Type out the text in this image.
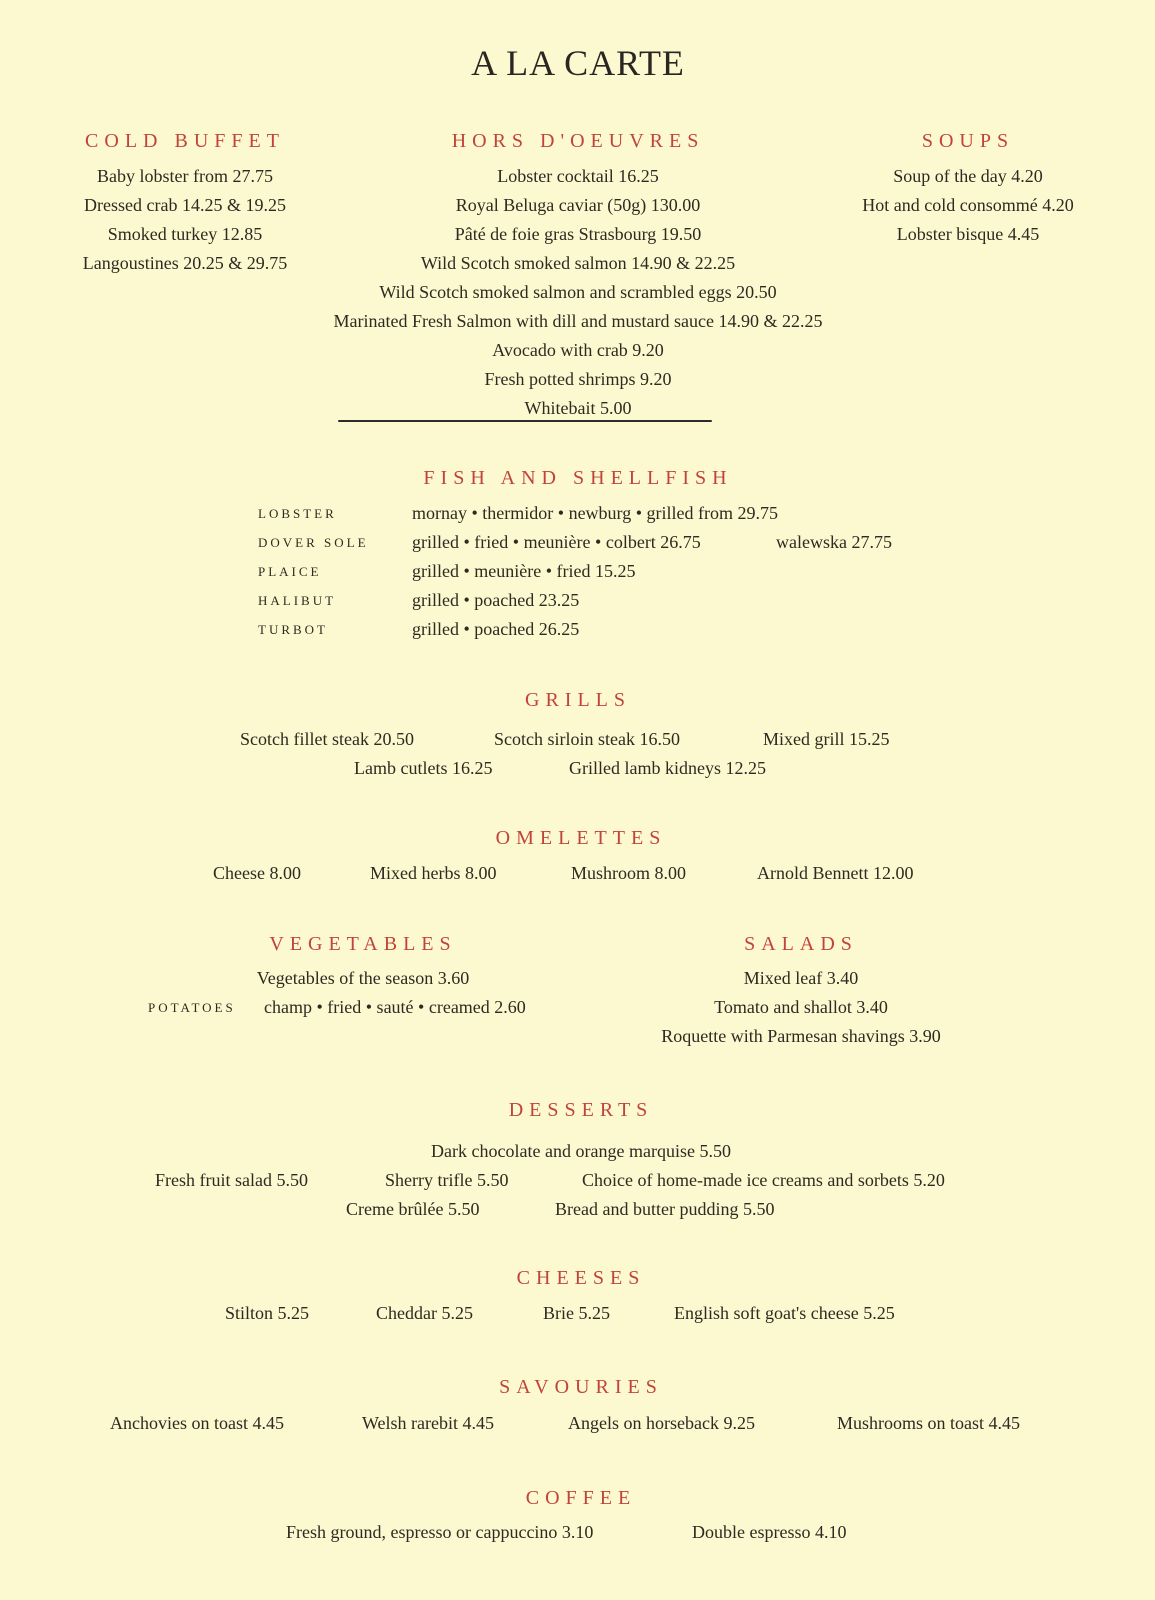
A LA CARTE
COLD BUFFET
Baby lobster from 27.75
Dressed crab 14.25 & 19.25
Smoked turkey 12.85
Langoustines 20.25 & 29.75
HORS D'OEUVRES
Lobster cocktail 16.25
Royal Beluga caviar (50g) 130.00
Pâté de foie gras Strasbourg 19.50
Wild Scotch smoked salmon 14.90 & 22.25
Wild Scotch smoked salmon and scrambled eggs 20.50
Marinated Fresh Salmon with dill and mustard sauce 14.90 & 22.25
Avocado with crab 9.20
Fresh potted shrimps 9.20
Whitebait 5.00
SOUPS
Soup of the day 4.20
Hot and cold consommé 4.20
Lobster bisque 4.45
FISH AND SHELLFISH
LOBSTER	mornay • thermidor • newburg • grilled from 29.75
DOVER SOLE grilled • fried • meunière • colbert 26.75	walewska 27.75
PLAICE	grilled • meunière • fried 15.25
HALIBUT	grilled • poached 23.25
TURBOT	grilled • poached 26.25
GRILLS
Scotch fillet steak 20.50	Scotch sirloin steak 16.50	Mixed grill 15.25
Lamb cutlets 16.25	Grilled lamb kidneys 12.25
OMELETTES
Cheese 8.00	Mixed herbs 8.00	Mushroom 8.00	Arnold Bennett 12.00
VEGETABLES
Vegetables of the season 3.60
POTATOES champ • fried • sauté • creamed 2.60
SALADS
Mixed leaf 3.40
Tomato and shallot 3.40
Roquette with Parmesan shavings 3.90
DESSERTS
Dark chocolate and orange marquise 5.50
Fresh fruit salad 5.50	Sherry trifle 5.50	Choice of home-made ice creams and sorbets 5.20
Creme brûlée 5.50	Bread and butter pudding 5.50
CHEESES
Stilton 5.25	Cheddar 5.25	Brie 5.25	English soft goat's cheese 5.25
SAVOURIES
Anchovies on toast 4.45	Welsh rarebit 4.45	Angels on horseback 9.25	Mushrooms on toast 4.45
COFFEE
Fresh ground, espresso or cappuccino 3.10	Double espresso 4.10
